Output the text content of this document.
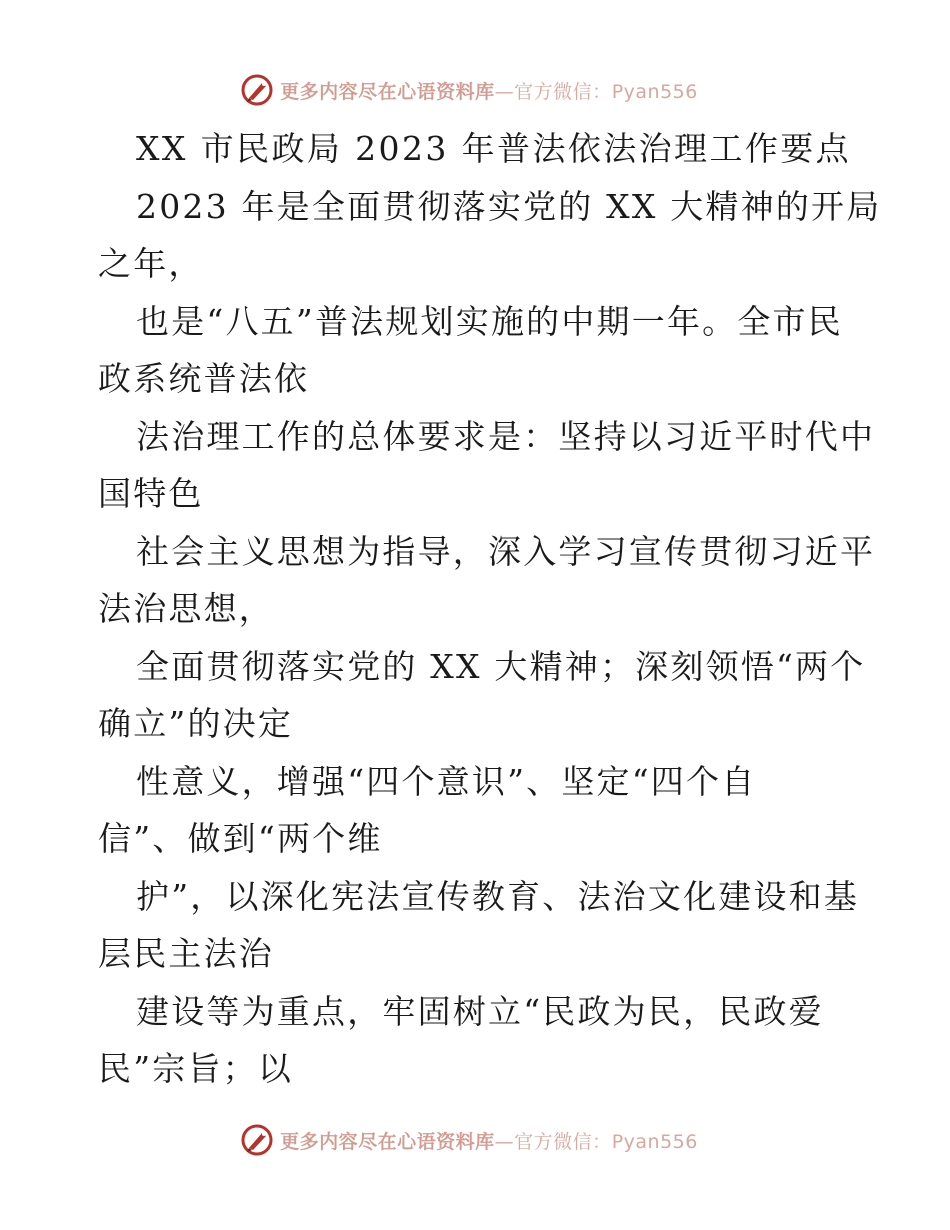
更多内容尽在心语资料库—官方微信：Pyan556
XX 市民政局 2023 年普法依法治理工作要点
2023 年是全面贯彻落实党的 XX 大精神的开局
之年，
也是“八五”普法规划实施的中期一年。全市民
政系统普法依
法治理工作的总体要求是：坚持以习近平时代中
国特色
社会主义思想为指导，深入学习宣传贯彻习近平
法治思想，
全面贯彻落实党的 XX 大精神；深刻领悟“两个
确立”的决定
性意义，增强“四个意识”、坚定“四个自
信”、做到“两个维
护”，以深化宪法宣传教育、法治文化建设和基
层民主法治
建设等为重点，牢固树立“民政为民，民政爱
民”宗旨；以
更多内容尽在心语资料库—官方微信：Pyan556
